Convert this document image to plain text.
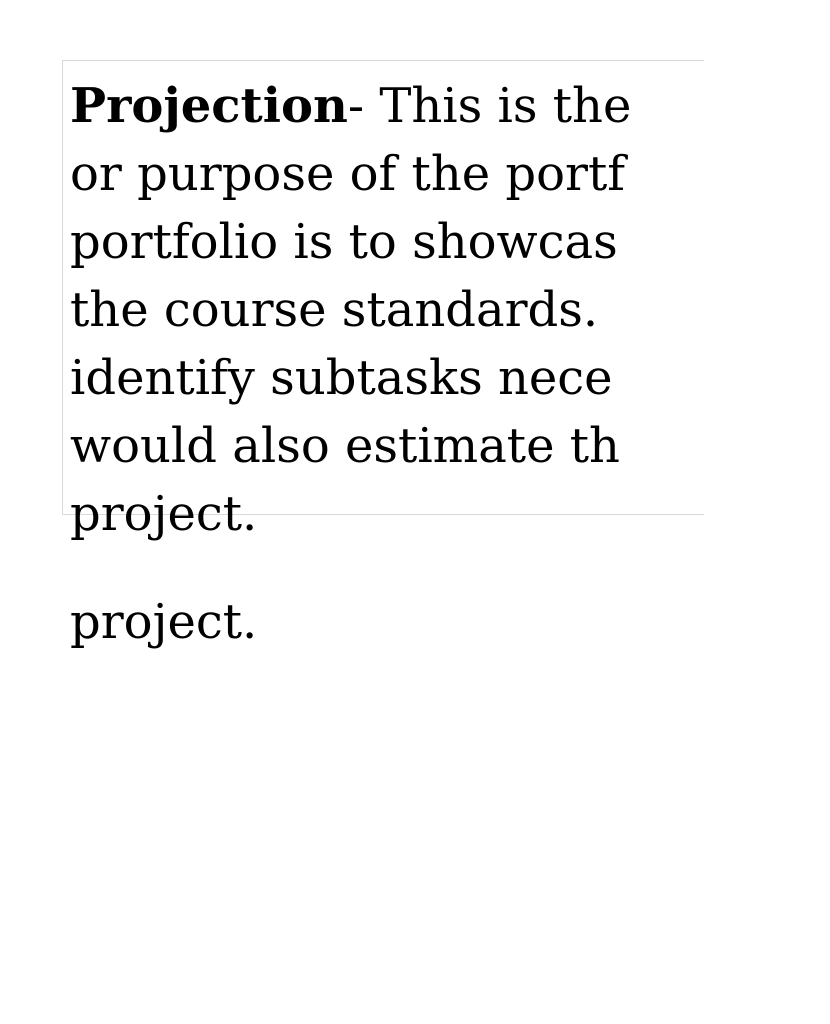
Projection- This is the
or purpose of the portf
portfolio is to showcas
the course standards.
identify subtasks nece
would also estimate th
project.

project.
